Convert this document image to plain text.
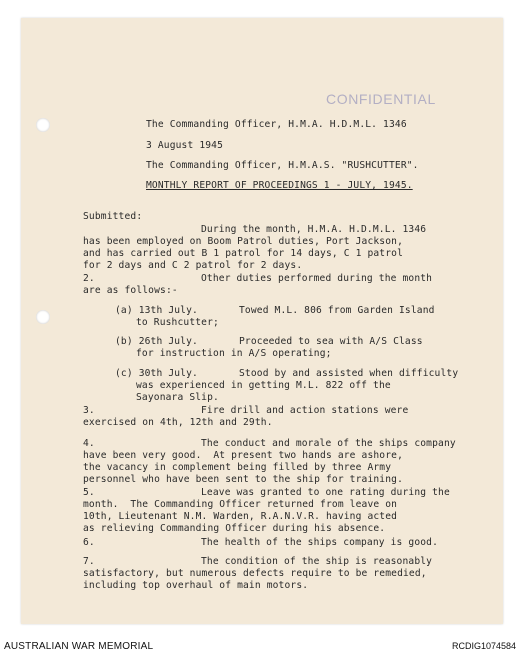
CONFIDENTIAL
The Commanding Officer, H.M.A. H.D.M.L. 1346
3 August 1945
The Commanding Officer, H.M.A.S. "RUSHCUTTER".
MONTHLY REPORT OF PROCEEDINGS 1 - JULY, 1945.
Submitted:
During the month, H.M.A. H.D.M.L. 1346
has been employed on Boom Patrol duties, Port Jackson,
and has carried out B 1 patrol for 14 days, C 1 patrol
for 2 days and C 2 patrol for 2 days.
2.	Other duties performed during the month
are as follows:-
(a) 13th July.	Towed M.L. 806 from Garden Island
to Rushcutter;
(b) 26th July.	Proceeded to sea with A/S Class
for instruction in A/S operating;
(c) 30th July.	Stood by and assisted when difficulty
was experienced in getting M.L. 822 off the
Sayonara Slip.
3.	Fire drill and action stations were
exercised on 4th, 12th and 29th.
4.	The conduct and morale of the ships company
have been very good.  At present two hands are ashore,
the vacancy in complement being filled by three Army
personnel who have been sent to the ship for training.
5.	Leave was granted to one rating during the
month.  The Commanding Officer returned from leave on
10th, Lieutenant N.M. Warden, R.A.N.V.R. having acted
as relieving Commanding Officer during his absence.
6.	The health of the ships company is good.
7.	The condition of the ship is reasonably
satisfactory, but numerous defects require to be remedied,
including top overhaul of main motors.
AUSTRALIAN WAR MEMORIAL	RCDIG1074584
